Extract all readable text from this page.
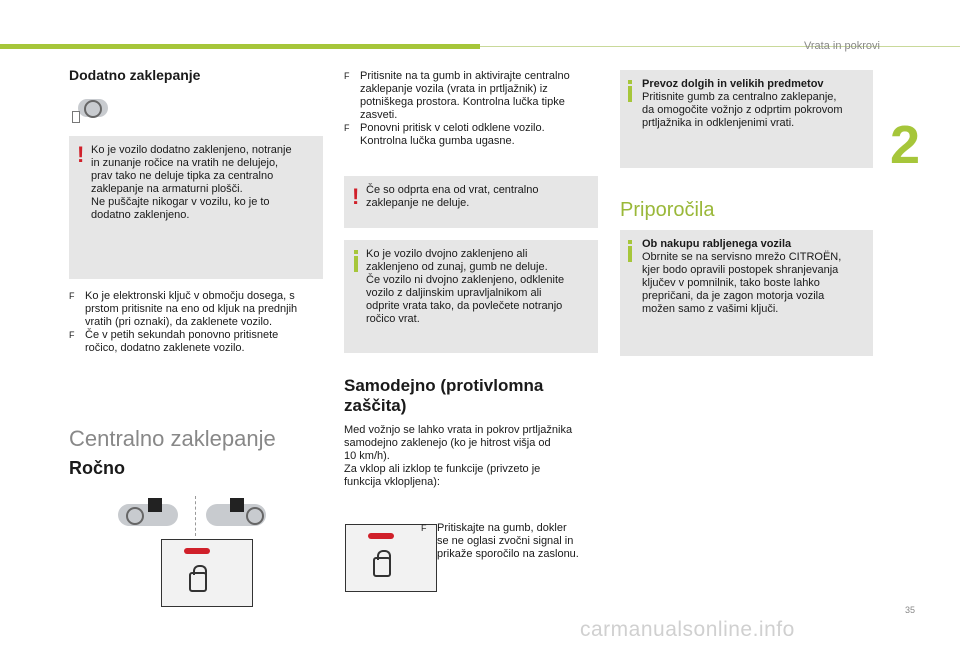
Vrata in pokrovi
2
Dodatno zaklepanje
! Ko je vozilo dodatno zaklenjeno, notranje
in zunanje ročice na vratih ne delujejo,
prav tako ne deluje tipka za centralno
zaklepanje na armaturni plošči.
Ne puščajte nikogar v vozilu, ko je to
dodatno zaklenjeno.
F Ko je elektronski ključ v območju dosega, s
prstom pritisnite na eno od kljuk na prednjih
vratih (pri oznaki), da zaklenete vozilo.
F Če v petih sekundah ponovno pritisnete
ročico, dodatno zaklenete vozilo.
Centralno zaklepanje
Ročno
F Pritisnite na ta gumb in aktivirajte centralno
zaklepanje vozila (vrata in prtljažnik) iz
potniškega prostora. Kontrolna lučka tipke
zasveti.
F Ponovni pritisk v celoti odklene vozilo.
Kontrolna lučka gumba ugasne.
! Če so odprta ena od vrat, centralno
zaklepanje ne deluje.
Ko je vozilo dvojno zaklenjeno ali
zaklenjeno od zunaj, gumb ne deluje.
Če vozilo ni dvojno zaklenjeno, odklenite
vozilo z daljinskim upravljalnikom ali
odprite vrata tako, da povlečete notranjo
ročico vrat.
Samodejno (protivlomna
zaščita)
Med vožnjo se lahko vrata in pokrov prtljažnika
samodejno zaklenejo (ko je hitrost višja od
10 km/h).
Za vklop ali izklop te funkcije (privzeto je
funkcija vklopljena):
F Pritiskajte na gumb, dokler
se ne oglasi zvočni signal in
prikaže sporočilo na zaslonu.
Prevoz dolgih in velikih predmetov
Pritisnite gumb za centralno zaklepanje,
da omogočite vožnjo z odprtim pokrovom
prtljažnika in odklenjenimi vrati.
Priporočila
Ob nakupu rabljenega vozila
Obrnite se na servisno mrežo CITROËN,
kjer bodo opravili postopek shranjevanja
ključev v pomnilnik, tako boste lahko
prepričani, da je zagon motorja vozila
možen samo z vašimi ključi.
35
carmanualsonline.info
